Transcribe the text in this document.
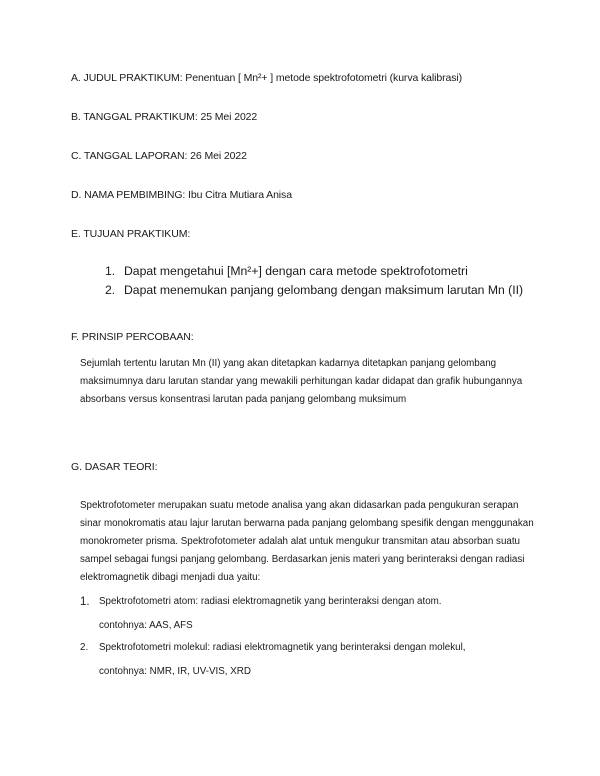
A. JUDUL PRAKTIKUM: Penentuan [ Mn²+ ] metode spektrofotometri (kurva kalibrasi)
B. TANGGAL PRAKTIKUM: 25 Mei 2022
C. TANGGAL LAPORAN: 26 Mei 2022
D. NAMA PEMBIMBING: Ibu Citra Mutiara Anisa
E. TUJUAN PRAKTIKUM:
1. Dapat mengetahui [Mn²+] dengan cara metode spektrofotometri
2. Dapat menemukan panjang gelombang dengan maksimum larutan Mn (II)
F. PRINSIP PERCOBAAN:

Sejumlah tertentu larutan Mn (II) yang akan ditetapkan kadarnya ditetapkan panjang gelombang maksimumnya daru larutan standar yang mewakili perhitungan kadar didapat dan grafik hubungannya absorbans versus konsentrasi larutan pada panjang gelombang muksimum

G. DASAR TEORI:

Spektrofotometer merupakan suatu metode analisa yang akan didasarkan pada pengukuran serapan sinar monokromatis atau lajur larutan berwarna pada panjang gelombang spesifik dengan menggunakan monokrometer prisma. Spektrofotometer adalah alat untuk mengukur transmitan atau absorban suatu sampel sebagai fungsi panjang gelombang. Berdasarkan jenis materi yang berinteraksi dengan radiasi elektromagnetik dibagi menjadi dua yaitu:

1. Spektrofotometri atom: radiasi elektromagnetik yang berinteraksi dengan atom.
contohnya: AAS, AFS
2. Spektrofotometri molekul: radiasi elektromagnetik yang berinteraksi dengan molekul,
contohnya: NMR, IR, UV-VIS, XRD
